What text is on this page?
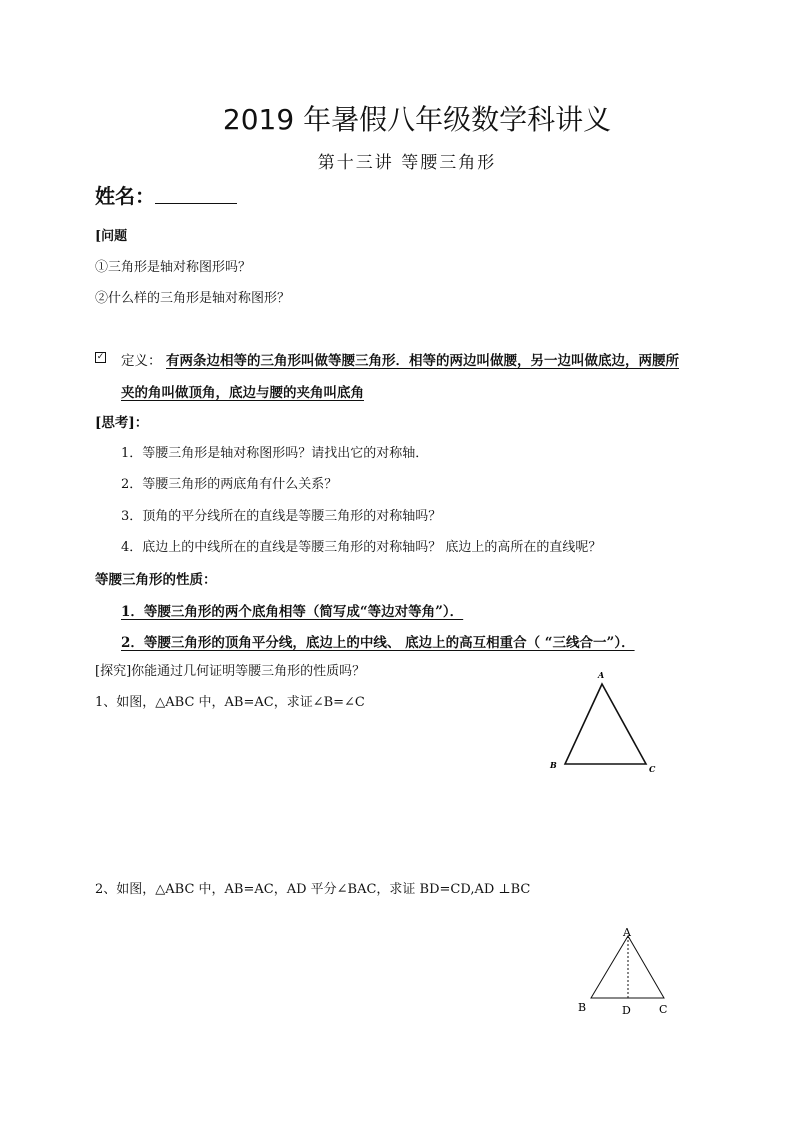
2019 年暑假八年级数学科讲义
第十三讲 等腰三角形
姓名：
[问题
①三角形是轴对称图形吗？
②什么样的三角形是轴对称图形？
✓ 定义： 有两条边相等的三角形叫做等腰三角形．相等的两边叫做腰，另一边叫做底边，两腰所
夹的角叫做顶角，底边与腰的夹角叫底角
[思考]：
1．等腰三角形是轴对称图形吗？请找出它的对称轴．
2．等腰三角形的两底角有什么关系？
3．顶角的平分线所在的直线是等腰三角形的对称轴吗？
4．底边上的中线所在的直线是等腰三角形的对称轴吗？ 底边上的高所在的直线呢？
等腰三角形的性质：
1．等腰三角形的两个底角相等（简写成“等边对等角”）．
2．等腰三角形的顶角平分线，底边上的中线、 底边上的高互相重合（ “三线合一”）．
[探究]你能通过几何证明等腰三角形的性质吗？
1、如图，△ABC 中，AB=AC，求证∠B=∠C
A
B	C
2、如图，△ABC 中，AB=AC，AD 平分∠BAC，求证 BD=CD,AD ⊥BC
A
B	D	C
